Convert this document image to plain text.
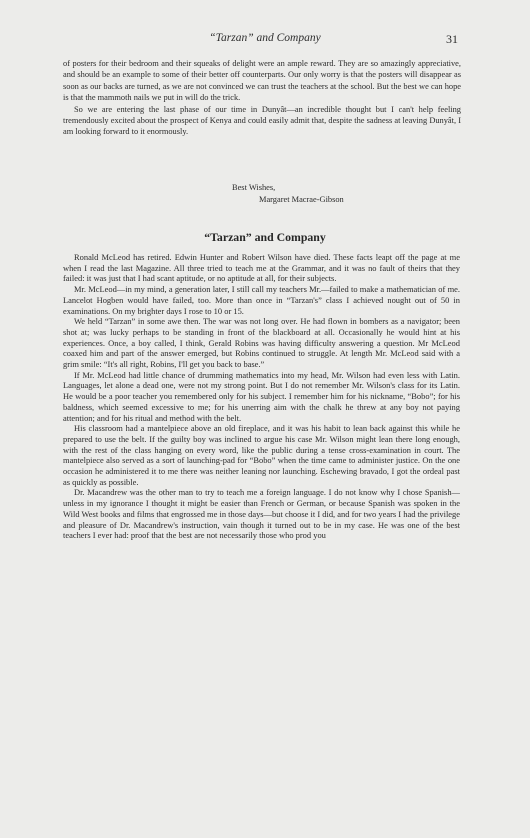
“Tarzan” and Company	31

of posters for their bedroom and their squeaks of delight were an ample reward. They are so amazingly appreciative, and should be an example to some of their better off counterparts. Our only worry is that the posters will disappear as soon as our backs are turned, as we are not convinced we can trust the teachers at the school. But the best we can hope is that the mammoth nails we put in will do the trick.

So we are entering the last phase of our time in Dunyât—an incredible thought but I can't help feeling tremendously excited about the prospect of Kenya and could easily admit that, despite the sadness at leaving Dunyât, I am looking forward to it enormously.

Best Wishes,
Margaret Macrae-Gibson
“Tarzan” and Company

Ronald McLeod has retired. Edwin Hunter and Robert Wilson have died. These facts leapt off the page at me when I read the last Magazine. All three tried to teach me at the Grammar, and it was no fault of theirs that they failed: it was just that I had scant aptitude, or no aptitude at all, for their subjects.

Mr. McLeod—in my mind, a generation later, I still call my teachers Mr.—failed to make a mathematician of me. Lancelot Hogben would have failed, too. More than once in “Tarzan's” class I achieved nought out of 50 in examinations. On my brighter days I rose to 10 or 15.

We held “Tarzan” in some awe then. The war was not long over. He had flown in bombers as a navigator; been shot at; was lucky perhaps to be standing in front of the blackboard at all. Occasionally he would hint at his experiences. Once, a boy called, I think, Gerald Robins was having difficulty answering a question. Mr McLeod coaxed him and part of the answer emerged, but Robins continued to struggle. At length Mr. McLeod said with a grim smile: “It's all right, Robins, I'll get you back to base.”

If Mr. McLeod had little chance of drumming mathematics into my head, Mr. Wilson had even less with Latin. Languages, let alone a dead one, were not my strong point. But I do not remember Mr. Wilson's class for its Latin. He would be a poor teacher you remembered only for his subject. I remember him for his nickname, “Bobo”; for his baldness, which seemed excessive to me; for his unerring aim with the chalk he threw at any boy not paying attention; and for his ritual and method with the belt.

His classroom had a mantelpiece above an old fireplace, and it was his habit to lean back against this while he prepared to use the belt. If the guilty boy was inclined to argue his case Mr. Wilson might lean there long enough, with the rest of the class hanging on every word, like the public during a tense cross-examination in court. The mantelpiece also served as a sort of launching-pad for “Bobo” when the time came to administer justice. On the one occasion he administered it to me there was neither leaning nor launching. Eschewing bravado, I got the ordeal past as quickly as possible.

Dr. Macandrew was the other man to try to teach me a foreign language. I do not know why I chose Spanish—unless in my ignorance I thought it might be easier than French or German, or because Spanish was spoken in the Wild West books and films that engrossed me in those days—but choose it I did, and for two years I had the privilege and pleasure of Dr. Macandrew's instruction, vain though it turned out to be in my case. He was one of the best teachers I ever had: proof that the best are not necessarily those who prod you
